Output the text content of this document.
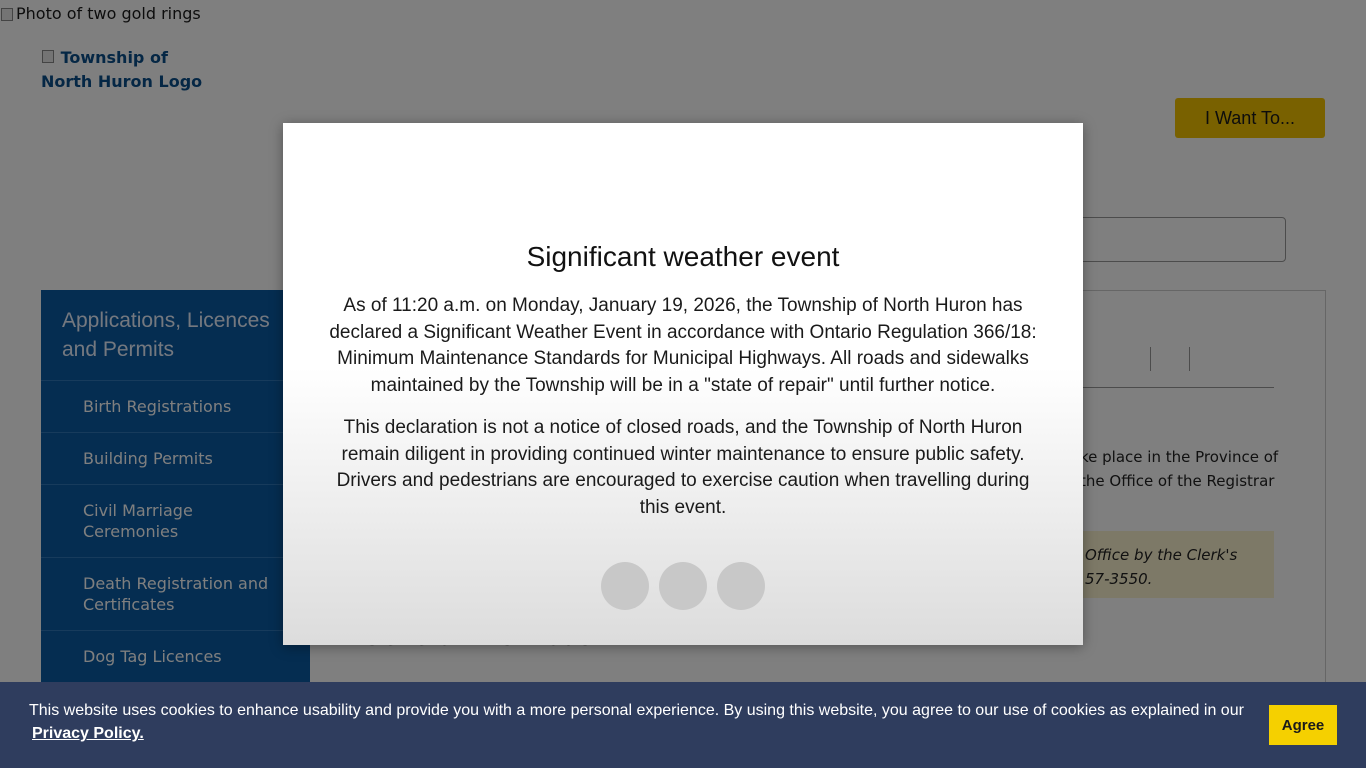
Significant weather event

As of 11:20 a.m. on Monday, January 19, 2026, the Township of North Huron has declared a Significant Weather Event in accordance with Ontario Regulation 366/18: Minimum Maintenance Standards for Municipal Highways. All roads and sidewalks maintained by the Township will be in a "state of repair" until further notice.

This declaration is not a notice of closed roads, and the Township of North Huron remain diligent in providing continued winter maintenance to ensure public safety. Drivers and pedestrians are encouraged to exercise caution when travelling during this event.

This website uses cookies to enhance usability and provide you with a more personal experience. By using this website, you agree to our use of cookies as explained in our
Privacy Policy.	Agree
